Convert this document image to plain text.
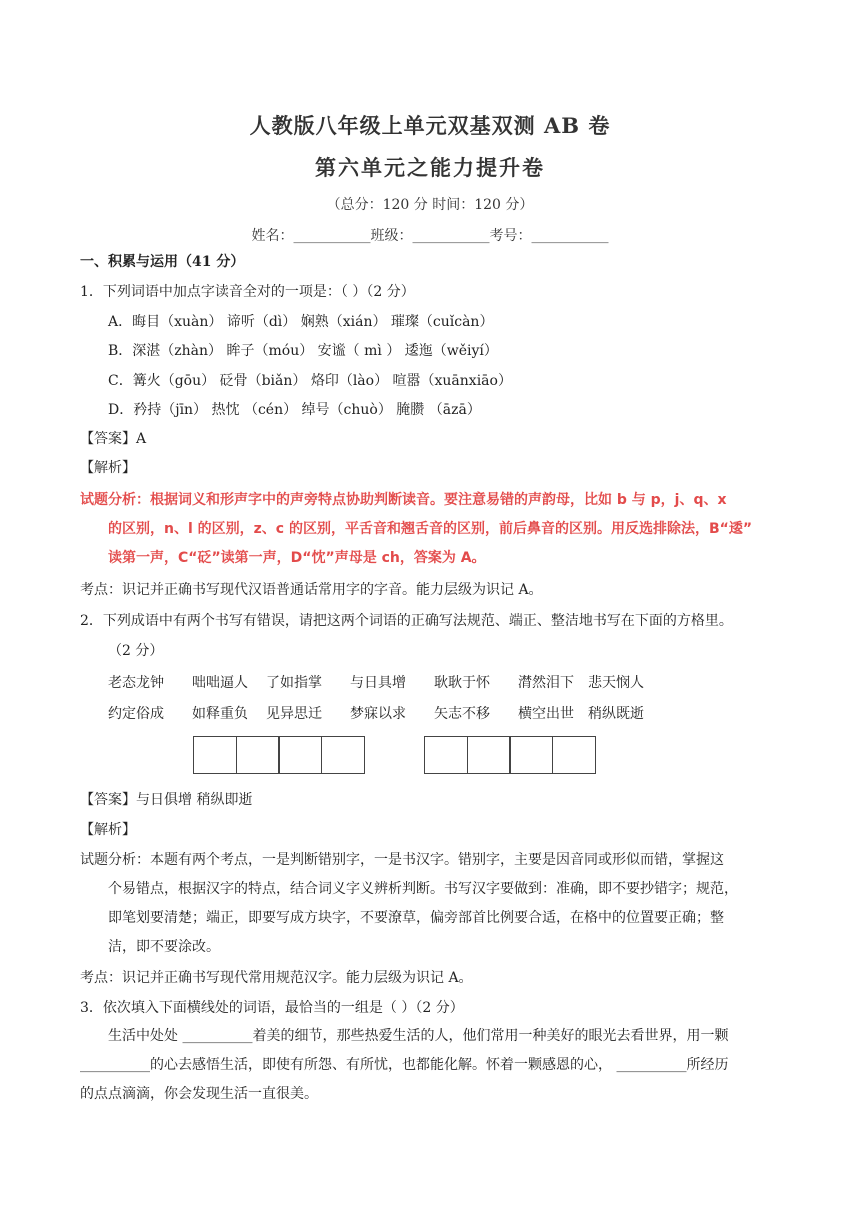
人教版八年级上单元双基双测 AB 卷
第六单元之能力提升卷
（总分：120 分 时间：120 分）
姓名：___________班级：___________考号：___________
一、积累与运用（41 分）
1．下列词语中加点字读音全对的一项是：（ ）（2 分）
A．晦目（xuàn） 谛听（dì） 娴熟（xián） 璀璨（cuǐcàn）
B．深湛（zhàn） 眸子（móu） 安谧（ mì ） 逶迤（wěiyí）
C．篝火（gōu） 砭骨（biǎn） 烙印（lào） 喧嚣（xuānxiāo）
D．矜持（jīn） 热忱 （cén） 绰号（chuò） 腌臜 （āzā）
【答案】A
【解析】
试题分析：根据词义和形声字中的声旁特点协助判断读音。要注意易错的声韵母，比如 b 与 p，j、q、x
的区别，n、l 的区别，z、c 的区别，平舌音和翘舌音的区别，前后鼻音的区别。用反选排除法，B“逶”
读第一声，C“砭”读第一声，D“忱”声母是 ch，答案为 A。
考点：识记并正确书写现代汉语普通话常用字的字音。能力层级为识记 A。
2．下列成语中有两个书写有错误，请把这两个词语的正确写法规范、端正、整洁地书写在下面的方格里。
（2 分）
老态龙钟	咄咄逼人	了如指掌	与日具增	耿耿于怀	潸然泪下	悲天悯人
约定俗成	如释重负	见异思迁	梦寐以求	矢志不移	横空出世	稍纵既逝
【答案】与日俱增 稍纵即逝
【解析】
试题分析：本题有两个考点，一是判断错别字，一是书汉字。错别字，主要是因音同或形似而错，掌握这
个易错点，根据汉字的特点，结合词义字义辨析判断。书写汉字要做到：准确，即不要抄错字；规范，
即笔划要清楚；端正，即要写成方块字，不要潦草，偏旁部首比例要合适，在格中的位置要正确；整
洁，即不要涂改。
考点：识记并正确书写现代常用规范汉字。能力层级为识记 A。
3．依次填入下面横线处的词语，最恰当的一组是（ ）（2 分）
生活中处处 __________着美的细节，那些热爱生活的人，他们常用一种美好的眼光去看世界，用一颗
__________的心去感悟生活，即使有所怨、有所忧，也都能化解。怀着一颗感恩的心， __________所经历
的点点滴滴，你会发现生活一直很美。
